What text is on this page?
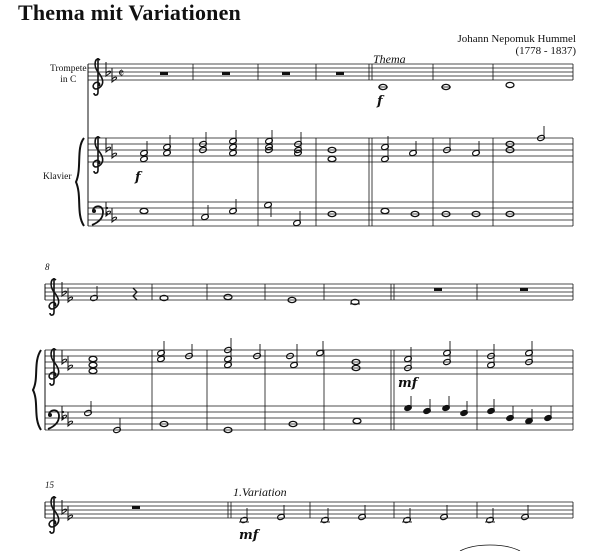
Thema mit Variationen
Johann Nepomuk Hummel
(1778 - 1837)
Trompete
in C
Klavier
Thema
1.Variation
8
15
f
f
mf
mf
𝄵
